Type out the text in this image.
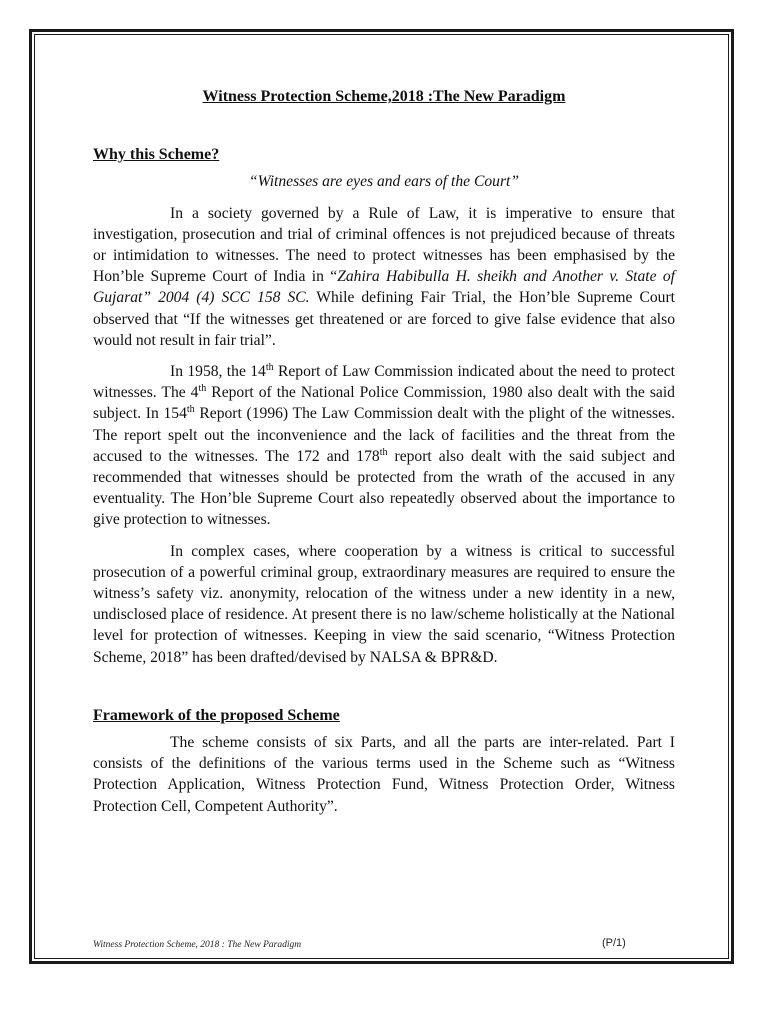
Witness Protection Scheme,2018 :The New Paradigm
Why this Scheme?
“Witnesses are eyes and ears of the Court”

In a society governed by a Rule of Law, it is imperative to ensure that investigation, prosecution and trial of criminal offences is not prejudiced because of threats or intimidation to witnesses. The need to protect witnesses has been emphasised by the Hon’ble Supreme Court of India in “Zahira Habibulla H. sheikh and Another v. State of Gujarat” 2004 (4) SCC 158 SC. While defining Fair Trial, the Hon’ble Supreme Court observed that “If the witnesses get threatened or are forced to give false evidence that also would not result in fair trial”.

In 1958, the 14th Report of Law Commission indicated about the need to protect witnesses. The 4th Report of the National Police Commission, 1980 also dealt with the said subject. In 154th Report (1996) The Law Commission dealt with the plight of the witnesses. The report spelt out the inconvenience and the lack of facilities and the threat from the accused to the witnesses. The 172 and 178th report also dealt with the said subject and recommended that witnesses should be protected from the wrath of the accused in any eventuality. The Hon’ble Supreme Court also repeatedly observed about the importance to give protection to witnesses.

In complex cases, where cooperation by a witness is critical to successful prosecution of a powerful criminal group, extraordinary measures are required to ensure the witness’s safety viz. anonymity, relocation of the witness under a new identity in a new, undisclosed place of residence. At present there is no law/scheme holistically at the National level for protection of witnesses. Keeping in view the said scenario, “Witness Protection Scheme, 2018” has been drafted/devised by NALSA & BPR&D.

Framework of the proposed Scheme

The scheme consists of six Parts, and all the parts are inter-related. Part I consists of the definitions of the various terms used in the Scheme such as “Witness Protection Application, Witness Protection Fund, Witness Protection Order, Witness Protection Cell, Competent Authority”.

Witness Protection Scheme, 2018 : The New Paradigm	(P/1)
